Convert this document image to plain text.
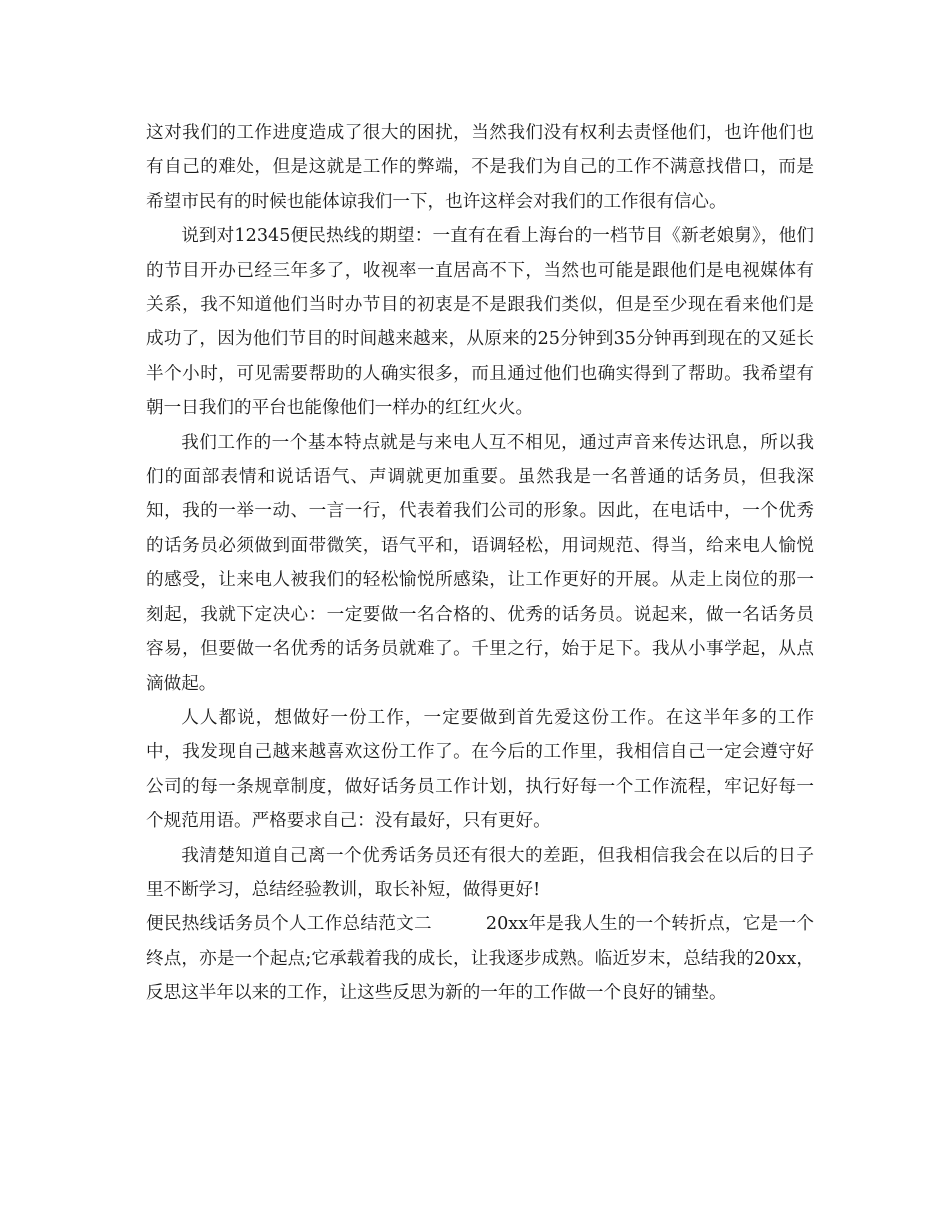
这对我们的工作进度造成了很大的困扰，当然我们没有权利去责怪他们，也许他们也有自己的难处，但是这就是工作的弊端，不是我们为自己的工作不满意找借口，而是希望市民有的时候也能体谅我们一下，也许这样会对我们的工作很有信心。

说到对12345便民热线的期望：一直有在看上海台的一档节目《新老娘舅》，他们的节目开办已经三年多了，收视率一直居高不下，当然也可能是跟他们是电视媒体有关系，我不知道他们当时办节目的初衷是不是跟我们类似，但是至少现在看来他们是成功了，因为他们节目的时间越来越来，从原来的25分钟到35分钟再到现在的又延长半个小时，可见需要帮助的人确实很多，而且通过他们也确实得到了帮助。我希望有朝一日我们的平台也能像他们一样办的红红火火。

我们工作的一个基本特点就是与来电人互不相见，通过声音来传达讯息，所以我们的面部表情和说话语气、声调就更加重要。虽然我是一名普通的话务员，但我深知，我的一举一动、一言一行，代表着我们公司的形象。因此，在电话中，一个优秀的话务员必须做到面带微笑，语气平和，语调轻松，用词规范、得当，给来电人愉悦的感受，让来电人被我们的轻松愉悦所感染，让工作更好的开展。从走上岗位的那一刻起，我就下定决心：一定要做一名合格的、优秀的话务员。说起来，做一名话务员容易，但要做一名优秀的话务员就难了。千里之行，始于足下。我从小事学起，从点滴做起。

人人都说，想做好一份工作，一定要做到首先爱这份工作。在这半年多的工作中，我发现自己越来越喜欢这份工作了。在今后的工作里，我相信自己一定会遵守好公司的每一条规章制度，做好话务员工作计划，执行好每一个工作流程，牢记好每一个规范用语。严格要求自己：没有最好，只有更好。

我清楚知道自己离一个优秀话务员还有很大的差距，但我相信我会在以后的日子里不断学习，总结经验教训，取长补短，做得更好!

便民热线话务员个人工作总结范文二	20xx年是我人生的一个转折点，它是一个终点，亦是一个起点;它承载着我的成长，让我逐步成熟。临近岁末，总结我的20xx，反思这半年以来的工作，让这些反思为新的一年的工作做一个良好的铺垫。
